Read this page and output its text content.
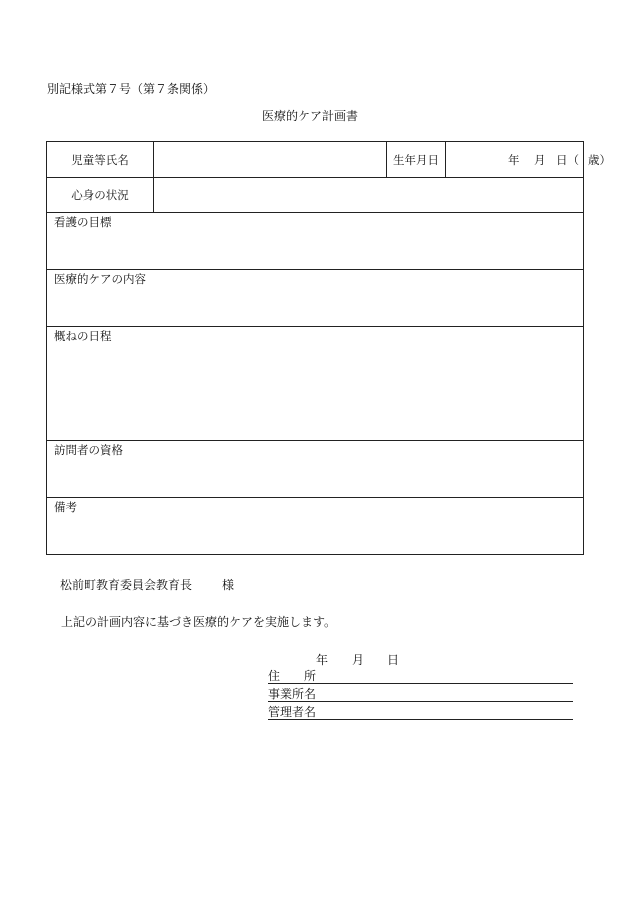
別記様式第７号（第７条関係）
医療的ケア計画書
児童等氏名	生年月日	年 月 日（ 歳）
心身の状況
看護の目標
医療的ケアの内容
概ねの日程
訪問者の資格
備考
松前町教育委員会教育長 様
上記の計画内容に基づき医療的ケアを実施します。
年 月 日
住　　所
事業所名
管理者名
